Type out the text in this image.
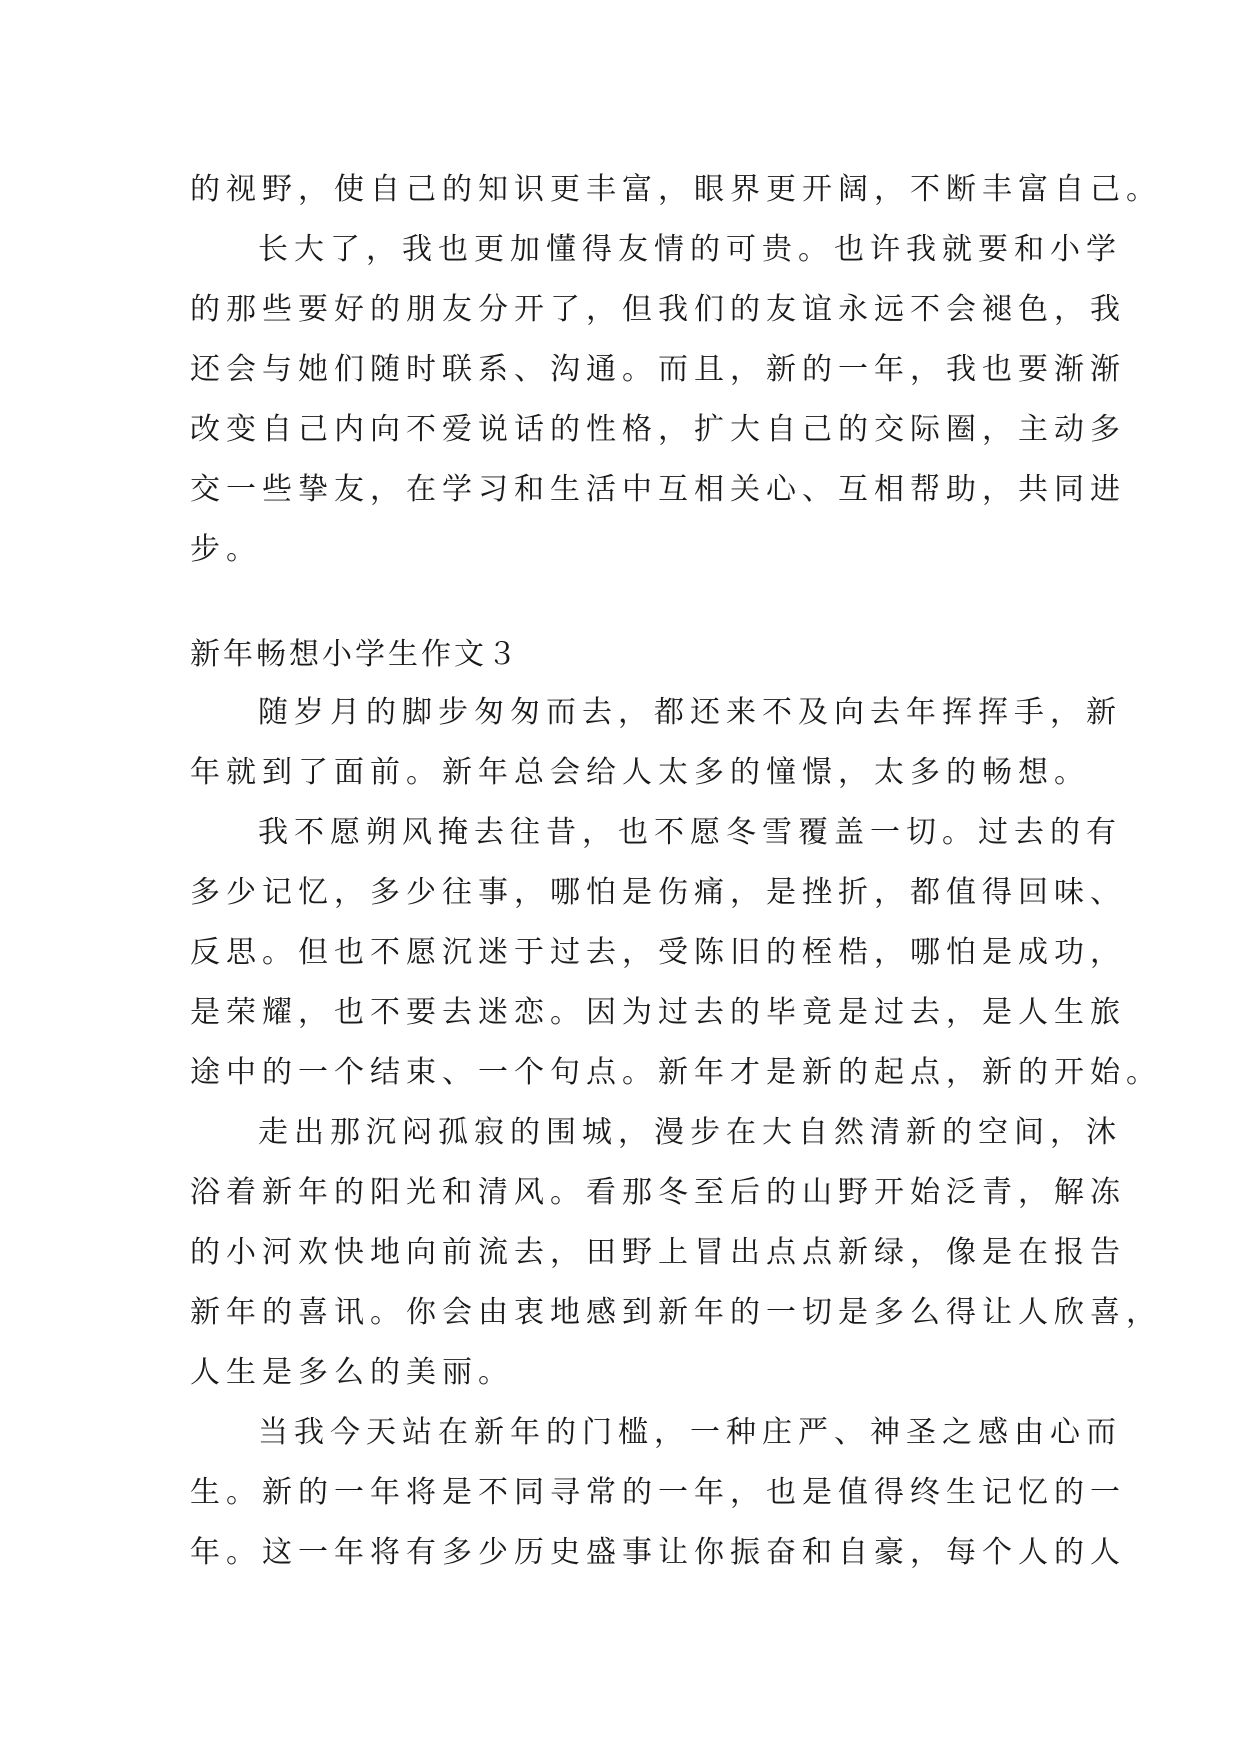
的视野，使自己的知识更丰富，眼界更开阔，不断丰富自己。
长大了，我也更加懂得友情的可贵。也许我就要和小学
的那些要好的朋友分开了，但我们的友谊永远不会褪色，我
还会与她们随时联系、沟通。而且，新的一年，我也要渐渐
改变自己内向不爱说话的性格，扩大自己的交际圈，主动多
交一些挚友，在学习和生活中互相关心、互相帮助，共同进
步。
新年畅想小学生作文３
随岁月的脚步匆匆而去，都还来不及向去年挥挥手，新
年就到了面前。新年总会给人太多的憧憬，太多的畅想。
我不愿朔风掩去往昔，也不愿冬雪覆盖一切。过去的有
多少记忆，多少往事，哪怕是伤痛，是挫折，都值得回味、
反思。但也不愿沉迷于过去，受陈旧的桎梏，哪怕是成功，
是荣耀，也不要去迷恋。因为过去的毕竟是过去，是人生旅
途中的一个结束、一个句点。新年才是新的起点，新的开始。
走出那沉闷孤寂的围城，漫步在大自然清新的空间，沐
浴着新年的阳光和清风。看那冬至后的山野开始泛青，解冻
的小河欢快地向前流去，田野上冒出点点新绿，像是在报告
新年的喜讯。你会由衷地感到新年的一切是多么得让人欣喜，
人生是多么的美丽。
当我今天站在新年的门槛，一种庄严、神圣之感由心而
生。新的一年将是不同寻常的一年，也是值得终生记忆的一
年。这一年将有多少历史盛事让你振奋和自豪，每个人的人
